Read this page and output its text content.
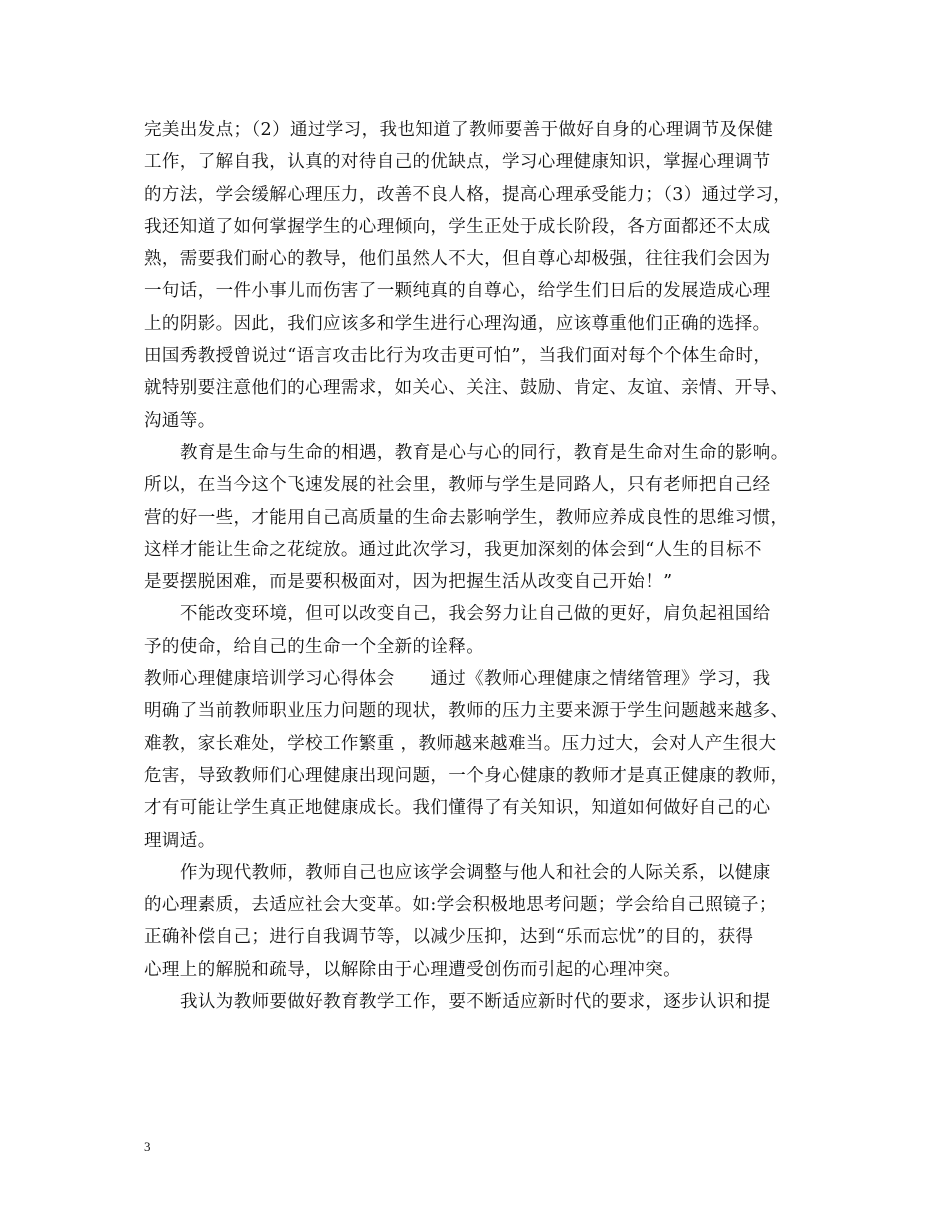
完美出发点；（2）通过学习，我也知道了教师要善于做好自身的心理调节及保健
工作，了解自我，认真的对待自己的优缺点，学习心理健康知识，掌握心理调节
的方法，学会缓解心理压力，改善不良人格，提高心理承受能力；（3）通过学习，
我还知道了如何掌握学生的心理倾向，学生正处于成长阶段，各方面都还不太成
熟，需要我们耐心的教导，他们虽然人不大，但自尊心却极强，往往我们会因为
一句话，一件小事儿而伤害了一颗纯真的自尊心，给学生们日后的发展造成心理
上的阴影。因此，我们应该多和学生进行心理沟通，应该尊重他们正确的选择。
田国秀教授曾说过“语言攻击比行为攻击更可怕”，当我们面对每个个体生命时，
就特别要注意他们的心理需求，如关心、关注、鼓励、肯定、友谊、亲情、开导、
沟通等。
教育是生命与生命的相遇，教育是心与心的同行，教育是生命对生命的影响。
所以，在当今这个飞速发展的社会里，教师与学生是同路人，只有老师把自己经
营的好一些，才能用自己高质量的生命去影响学生，教师应养成良性的思维习惯，
这样才能让生命之花绽放。通过此次学习，我更加深刻的体会到“人生的目标不
是要摆脱困难，而是要积极面对，因为把握生活从改变自己开始！”
不能改变环境，但可以改变自己，我会努力让自己做的更好，肩负起祖国给
予的使命，给自己的生命一个全新的诠释。
教师心理健康培训学习心得体会　　通过《教师心理健康之情绪管理》学习，我
明确了当前教师职业压力问题的现状，教师的压力主要来源于学生问题越来越多、
难教，家长难处，学校工作繁重 ，教师越来越难当。压力过大，会对人产生很大
危害，导致教师们心理健康出现问题，一个身心健康的教师才是真正健康的教师，
才有可能让学生真正地健康成长。我们懂得了有关知识，知道如何做好自己的心
理调适。
作为现代教师，教师自己也应该学会调整与他人和社会的人际关系，以健康
的心理素质，去适应社会大变革。如:学会积极地思考问题；学会给自己照镜子；
正确补偿自己；进行自我调节等，以减少压抑，达到“乐而忘忧”的目的，获得
心理上的解脱和疏导，以解除由于心理遭受创伤而引起的心理冲突。
我认为教师要做好教育教学工作，要不断适应新时代的要求，逐步认识和提
3
